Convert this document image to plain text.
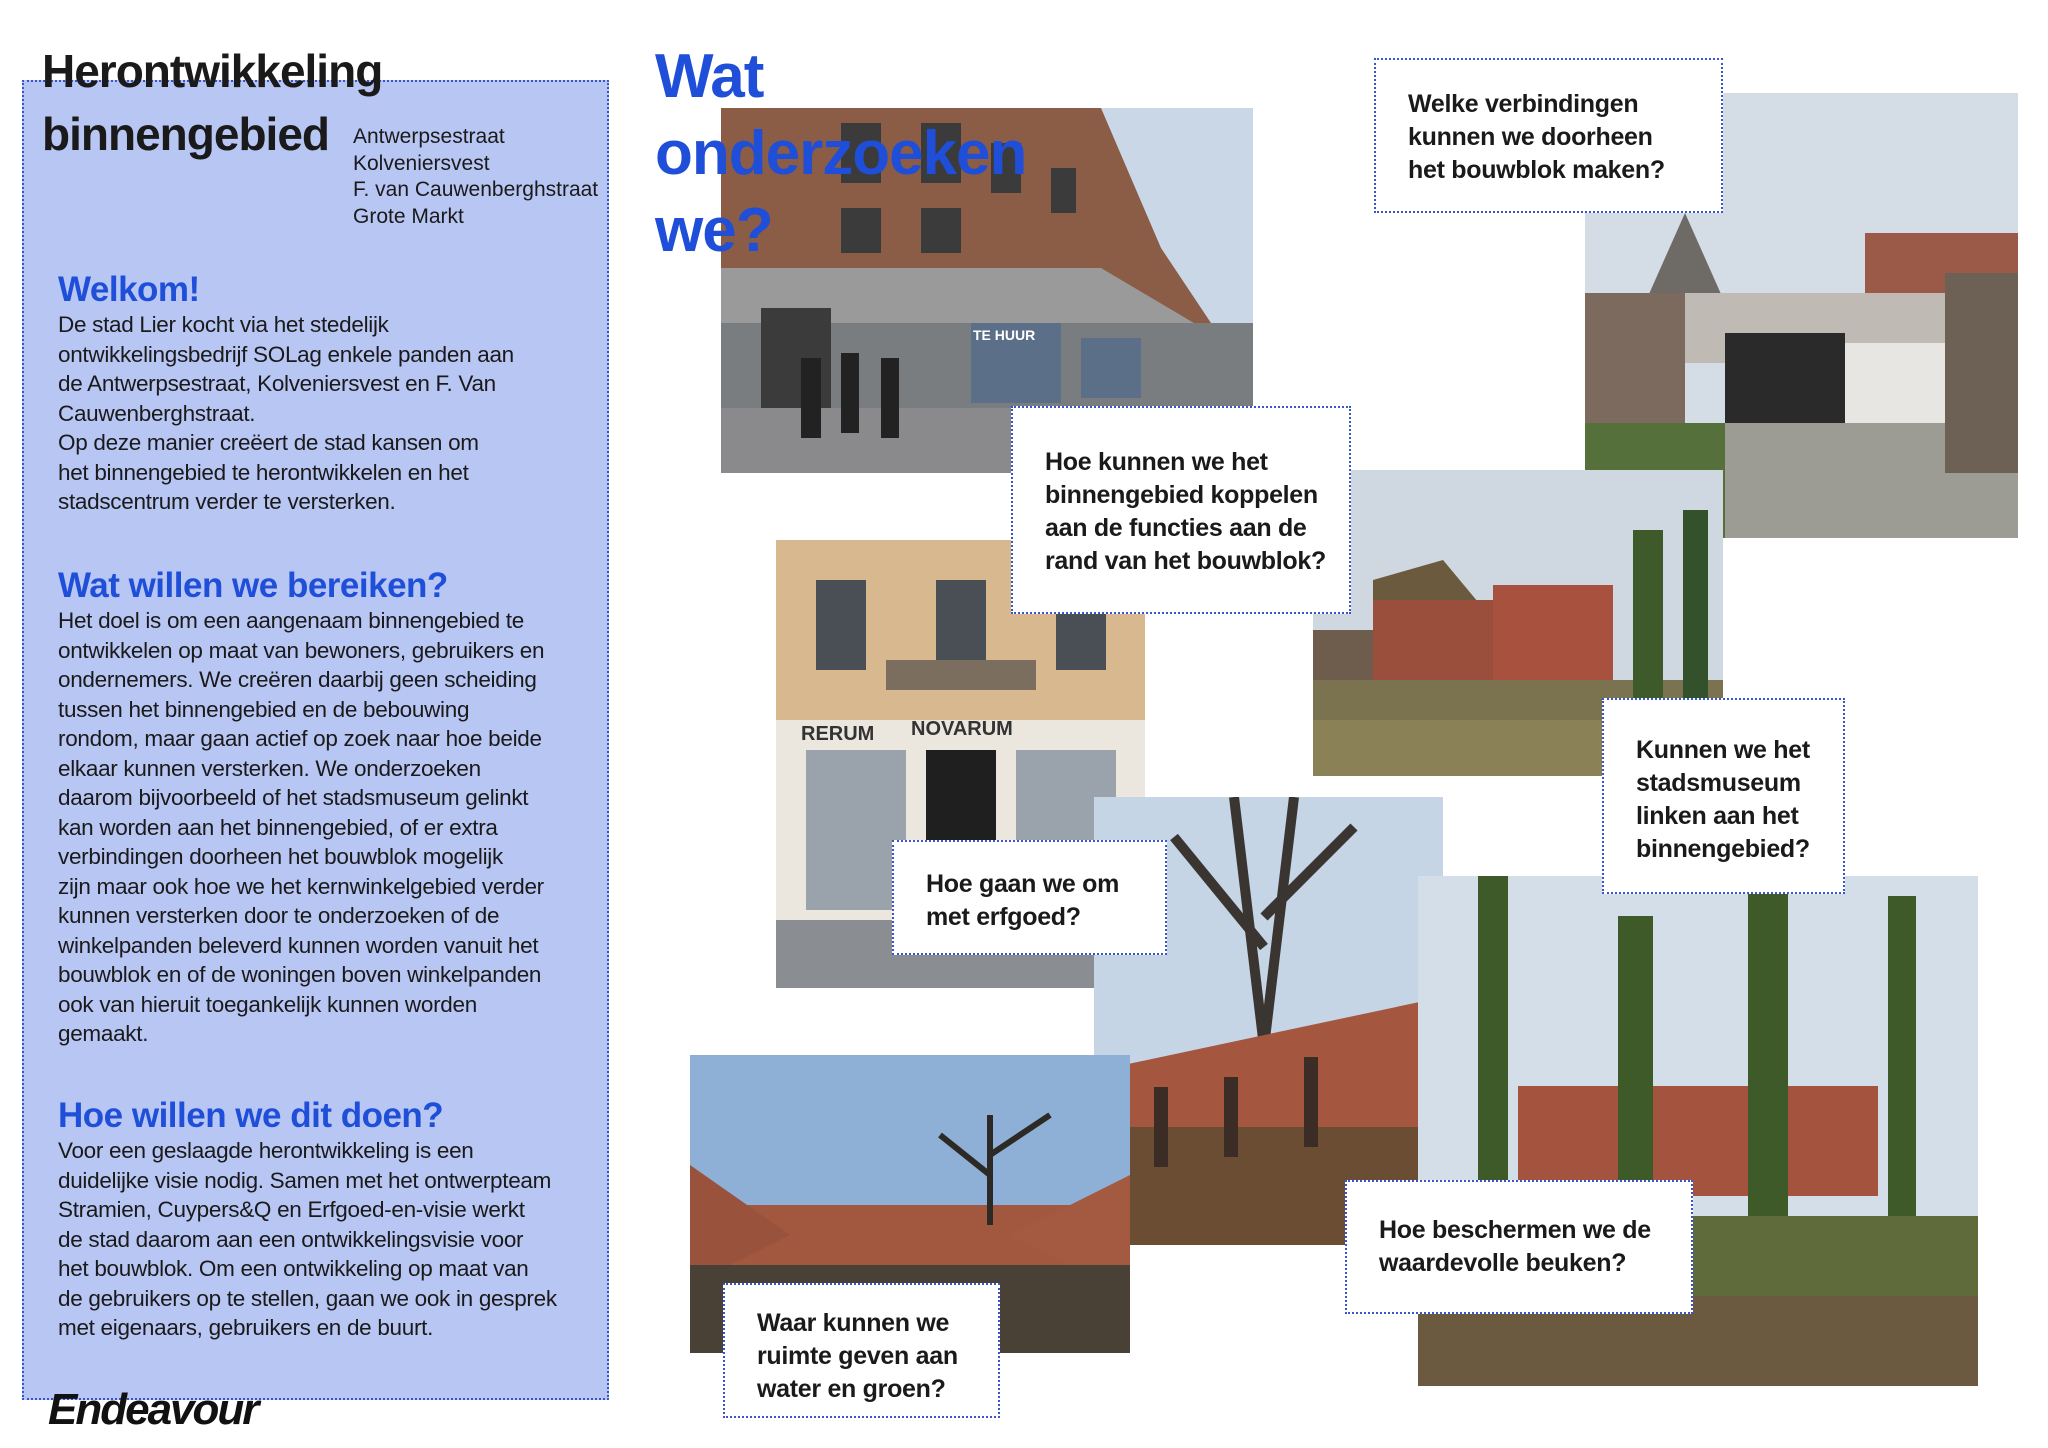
Herontwikkeling
binnengebied	Antwerpsestraat
Kolveniersvest
F. van Cauwenberghstraat
Grote Markt
Welkom!

De stad Lier kocht via het stedelijk

ontwikkelingsbedrijf SOLag enkele panden aan

de Antwerpsestraat, Kolveniersvest en F. Van

Cauwenberghstraat.

Op deze manier creëert de stad kansen om

het binnengebied te herontwikkelen en het

stadscentrum verder te versterken.

Wat willen we bereiken?

Het doel is om een aangenaam binnengebied te

ontwikkelen op maat van bewoners, gebruikers en

ondernemers. We creëren daarbij geen scheiding

tussen het binnengebied en de bebouwing

rondom, maar gaan actief op zoek naar hoe beide

elkaar kunnen versterken. We onderzoeken

daarom bijvoorbeeld of het stadsmuseum gelinkt

kan worden aan het binnengebied, of er extra

verbindingen doorheen het bouwblok mogelijk

zijn maar ook hoe we het kernwinkelgebied verder

kunnen versterken door te onderzoeken of de

winkelpanden beleverd kunnen worden vanuit het

bouwblok en of de woningen boven winkelpanden

ook van hieruit toegankelijk kunnen worden

gemaakt.

Hoe willen we dit doen?

Voor een geslaagde herontwikkeling is een

duidelijke visie nodig. Samen met het ontwerpteam

Stramien, Cuypers&Q en Erfgoed-en-visie werkt

de stad daarom aan een ontwikkelingsvisie voor

het bouwblok. Om een ontwikkeling op maat van

de gebruikers op te stellen, gaan we ook in gesprek

met eigenaars, gebruikers en de buurt.

Endeavour
Wat
onderzoeken
we?
TE HUUR
RERUM NOVARUM
Welke verbindingen
kunnen we doorheen
het bouwblok maken?
Hoe kunnen we het
binnengebied koppelen
aan de functies aan de
rand van het bouwblok?
Kunnen we het
stadsmuseum
linken aan het
binnengebied?
Hoe gaan we om
met erfgoed?
Hoe beschermen we de
waardevolle beuken?
Waar kunnen we
ruimte geven aan
water en groen?
